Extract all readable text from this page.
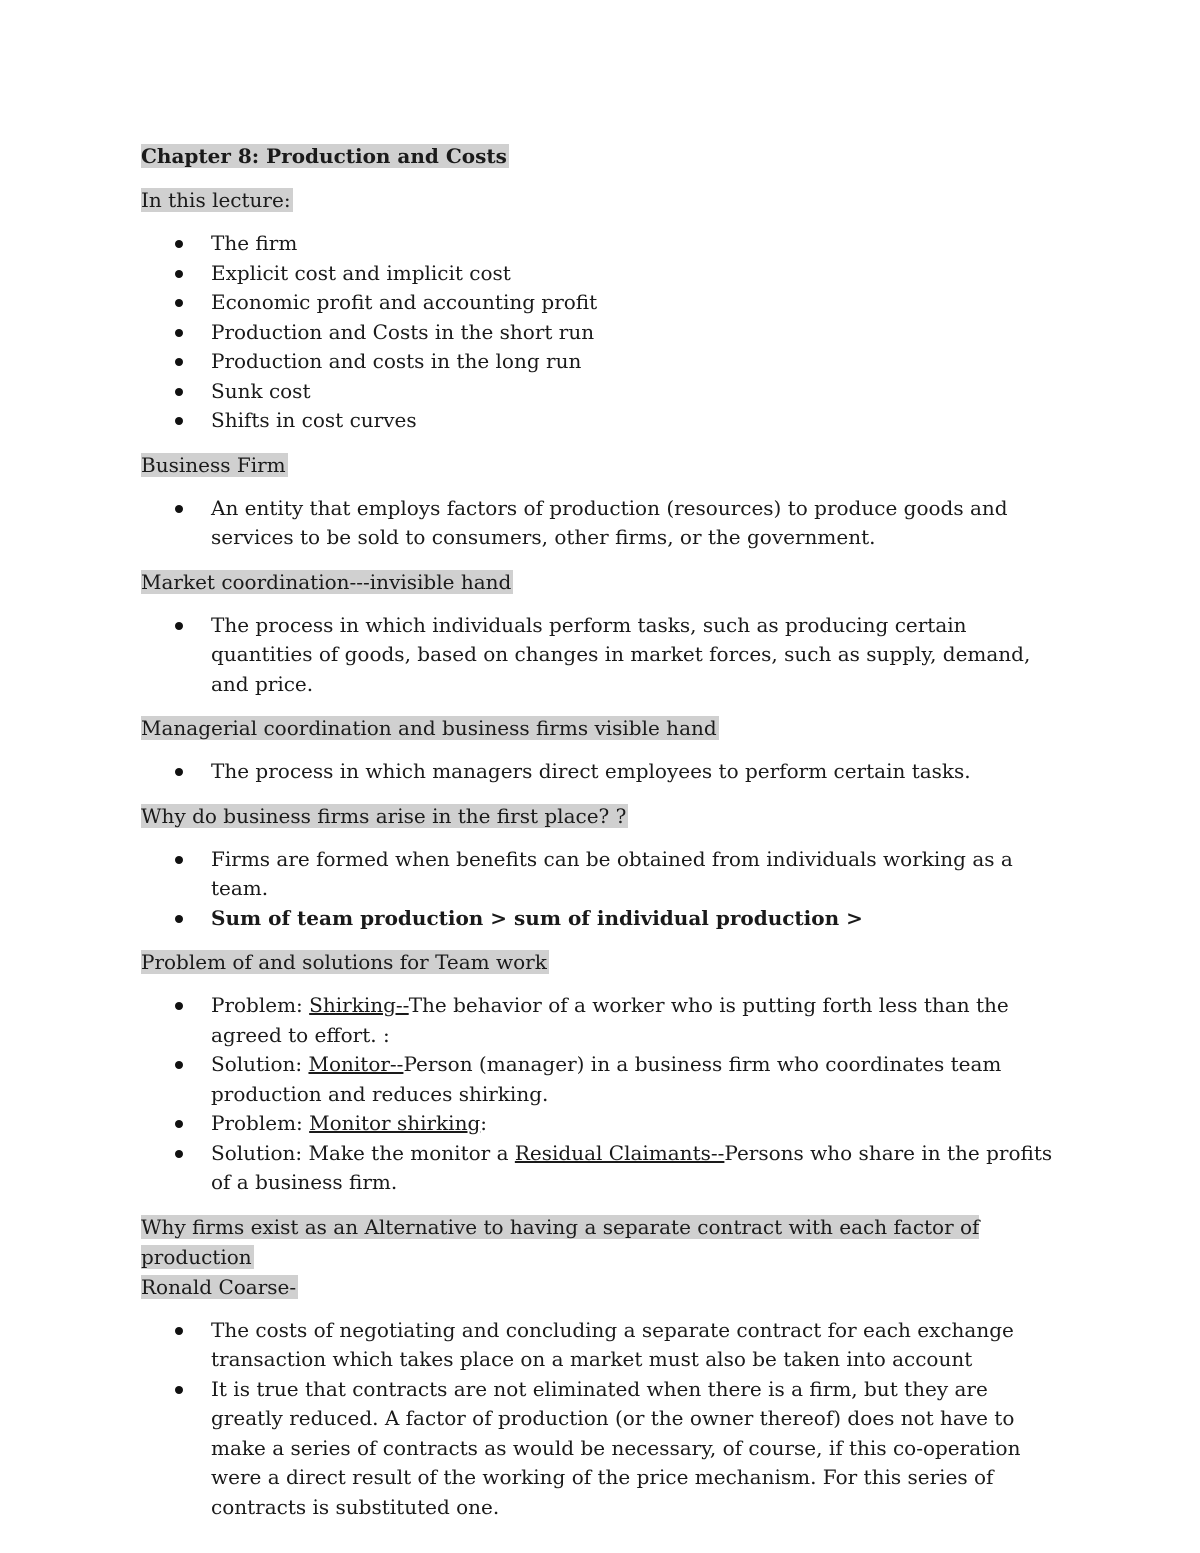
Chapter 8: Production and Costs

In this lecture:

The firm
Explicit cost and implicit cost
Economic profit and accounting profit
Production and Costs in the short run
Production and costs in the long run
Sunk cost
Shifts in cost curves

Business Firm

An entity that employs factors of production (resources) to produce goods and services to be sold to consumers, other firms, or the government.

Market coordination---invisible hand

The process in which individuals perform tasks, such as producing certain quantities of goods, based on changes in market forces, such as supply, demand, and price.

Managerial coordination and business firms visible hand

The process in which managers direct employees to perform certain tasks.

Why do business firms arise in the first place? ?

Firms are formed when benefits can be obtained from individuals working as a team.
Sum of team production > sum of individual production >

Problem of and solutions for Team work

Problem: Shirking--The behavior of a worker who is putting forth less than the agreed to effort. :
Solution: Monitor--Person (manager) in a business firm who coordinates team production and reduces shirking.
Problem: Monitor shirking:
Solution: Make the monitor a Residual Claimants--Persons who share in the profits of a business firm.

Why firms exist as an Alternative to having a separate contract with each factor of production
Ronald Coarse-

The costs of negotiating and concluding a separate contract for each exchange transaction which takes place on a market must also be taken into account
It is true that contracts are not eliminated when there is a firm, but they are greatly reduced. A factor of production (or the owner thereof) does not have to make a series of contracts as would be necessary, of course, if this co-operation were a direct result of the working of the price mechanism. For this series of contracts is substituted one.
